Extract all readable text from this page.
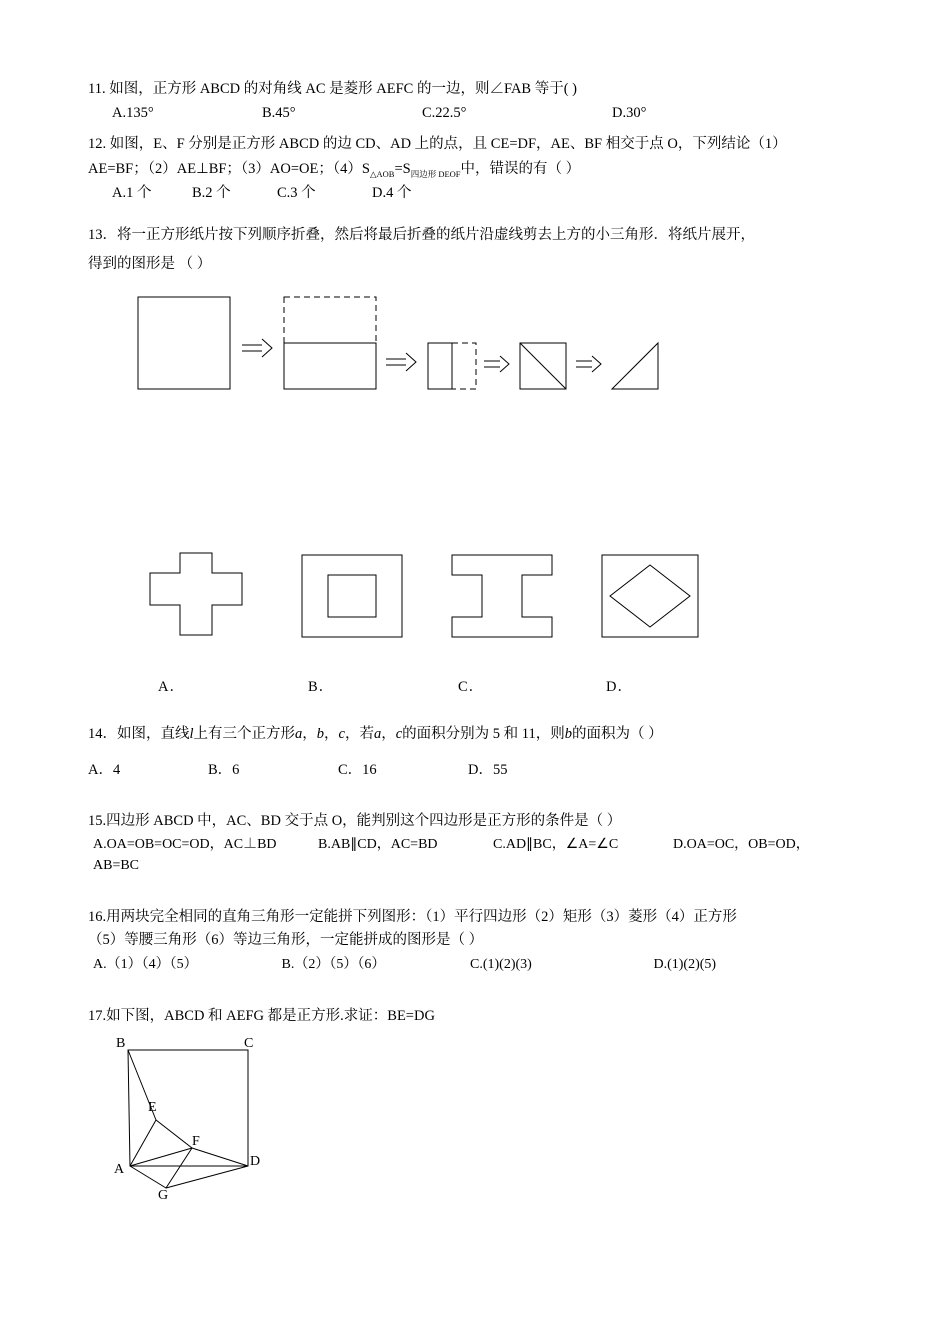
11. 如图，正方形 ABCD 的对角线 AC 是菱形 AEFC 的一边，则∠FAB 等于( )
A.135°	B.45°	C.22.5°	D.30°
12. 如图，E、F 分别是正方形 ABCD 的边 CD、AD 上的点，且 CE=DF，AE、BF 相交于点 O，下列结论（1）
AE=BF；（2）AE⊥BF；（3）AO=OE；$(4)S_{\triangle AOB}=S_{四边形 DEOF}$中，错误的有（ ）
A.1 个	B.2 个	C.3 个	D.4 个
13．将一正方形纸片按下列顺序折叠，然后将最后折叠的纸片沿虚线剪去上方的小三角形．将纸片展开，
得到的图形是 （ ）
A．	B．	C．	D．
14．如图，直线l上有三个正方形a，b，c，若a，c的面积分别为 5 和 11，则b的面积为（ ）
A．4	B．6	C．16	D．55
15.四边形 ABCD 中，AC、BD 交于点 O，能判别这个四边形是正方形的条件是（ ）
A.OA=OB=OC=OD，AC⊥BD	B.AB∥CD，AC=BD	C.AD∥BC，∠A=∠C	D.OA=OC，OB=OD，
AB=BC
16.用两块完全相同的直角三角形一定能拼下列图形：（1）平行四边形（2）矩形（3）菱形（4）正方形
（5）等腰三角形（6）等边三角形，一定能拼成的图形是（ ）
A.（1）（4）（5）	B.（2）（5）（6）	C.(1)(2)(3)	D.(1)(2)(5)
17.如下图，ABCD 和 AEFG 都是正方形.求证：BE=DG
B	C
E
F
A
D
G
